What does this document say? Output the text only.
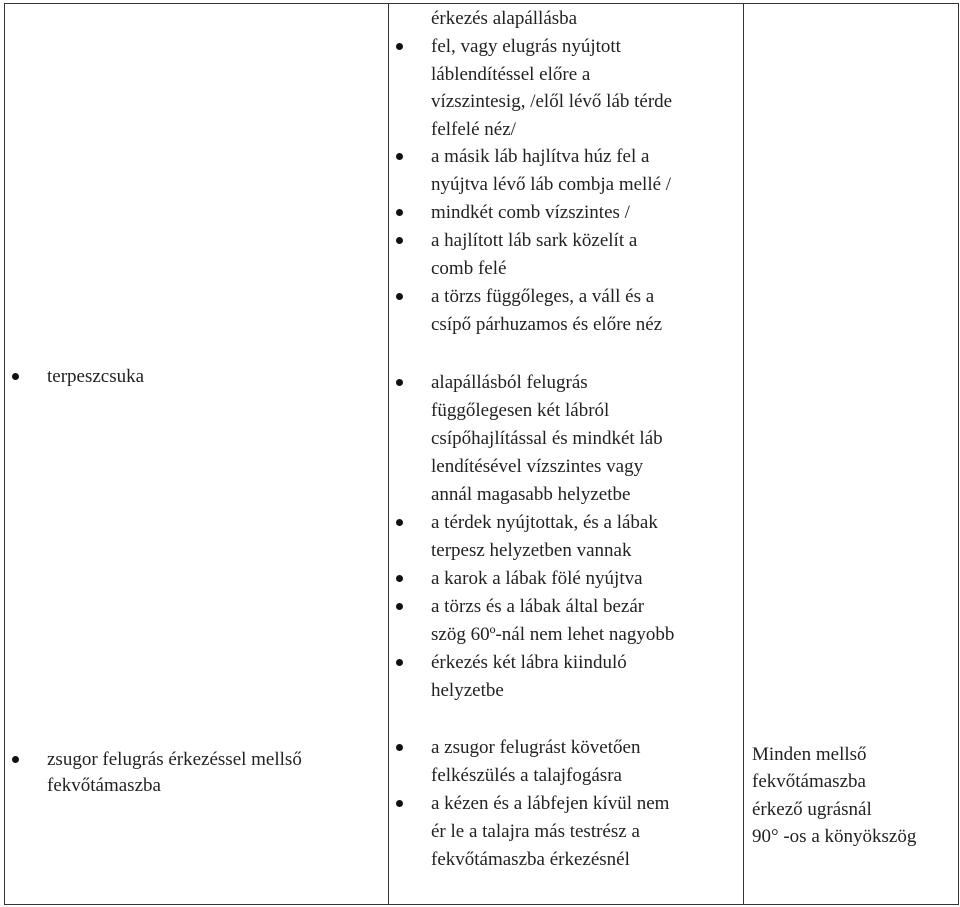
érkezés alapállásba
fel, vagy elugrás nyújtott
láblendítéssel előre a
vízszintesig, /elől lévő láb térde
felfelé néz/
a másik láb hajlítva húz fel a
nyújtva lévő láb combja mellé /
mindkét comb vízszintes /
a hajlított láb sark közelít a
comb felé
a törzs függőleges, a váll és a
csípő párhuzamos és előre néz
terpeszcsuka	alapállásból felugrás
függőlegesen két lábról
csípőhajlítással és mindkét láb
lendítésével vízszintes vagy
annál magasabb helyzetbe
a térdek nyújtottak, és a lábak
terpesz helyzetben vannak
a karok a lábak fölé nyújtva
a törzs és a lábak által bezár
szög 60º-nál nem lehet nagyobb
érkezés két lábra kiinduló
helyzetbe
zsugor felugrás érkezéssel mellső
fekvőtámaszba
a zsugor felugrást követően
felkészülés a talajfogásra
a kézen és a lábfejen kívül nem
ér le a talajra más testrész a
fekvőtámaszba érkezésnél
Minden mellső
fekvőtámaszba
érkező ugrásnál
90° -os a könyökszög
